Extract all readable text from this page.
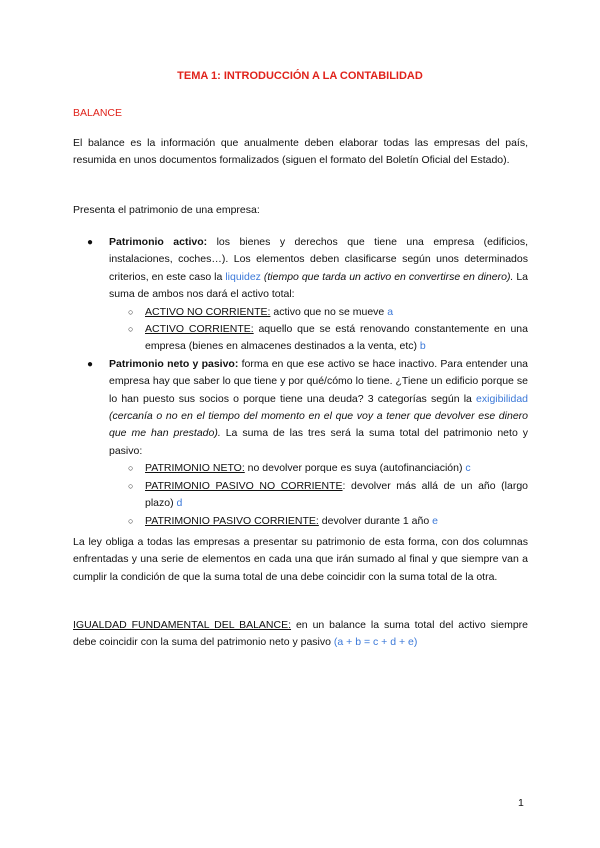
TEMA 1: INTRODUCCIÓN A LA CONTABILIDAD
BALANCE

El balance es la información que anualmente deben elaborar todas las empresas del país, resumida en unos documentos formalizados (siguen el formato del Boletín Oficial del Estado).

Presenta el patrimonio de una empresa:

● Patrimonio activo: los bienes y derechos que tiene una empresa (edificios, instalaciones, coches…). Los elementos deben clasificarse según unos determinados criterios, en este caso la liquidez (tiempo que tarda un activo en convertirse en dinero). La suma de ambos nos dará el activo total:
○ ACTIVO NO CORRIENTE: activo que no se mueve a
○ ACTIVO CORRIENTE: aquello que se está renovando constantemente en una empresa (bienes en almacenes destinados a la venta, etc) b
● Patrimonio neto y pasivo: forma en que ese activo se hace inactivo. Para entender una empresa hay que saber lo que tiene y por qué/cómo lo tiene. ¿Tiene un edificio porque se lo han puesto sus socios o porque tiene una deuda? 3 categorías según la exigibilidad (cercanía o no en el tiempo del momento en el que voy a tener que devolver ese dinero que me han prestado). La suma de las tres será la suma total del patrimonio neto y pasivo:
○ PATRIMONIO NETO: no devolver porque es suya (autofinanciación) c
○ PATRIMONIO PASIVO NO CORRIENTE: devolver más allá de un año (largo plazo) d
○ PATRIMONIO PASIVO CORRIENTE: devolver durante 1 año e

La ley obliga a todas las empresas a presentar su patrimonio de esta forma, con dos columnas enfrentadas y una serie de elementos en cada una que irán sumado al final y que siempre van a cumplir la condición de que la suma total de una debe coincidir con la suma total de la otra.

IGUALDAD FUNDAMENTAL DEL BALANCE: en un balance la suma total del activo siempre debe coincidir con la suma del patrimonio neto y pasivo (a + b = c + d + e)

1
